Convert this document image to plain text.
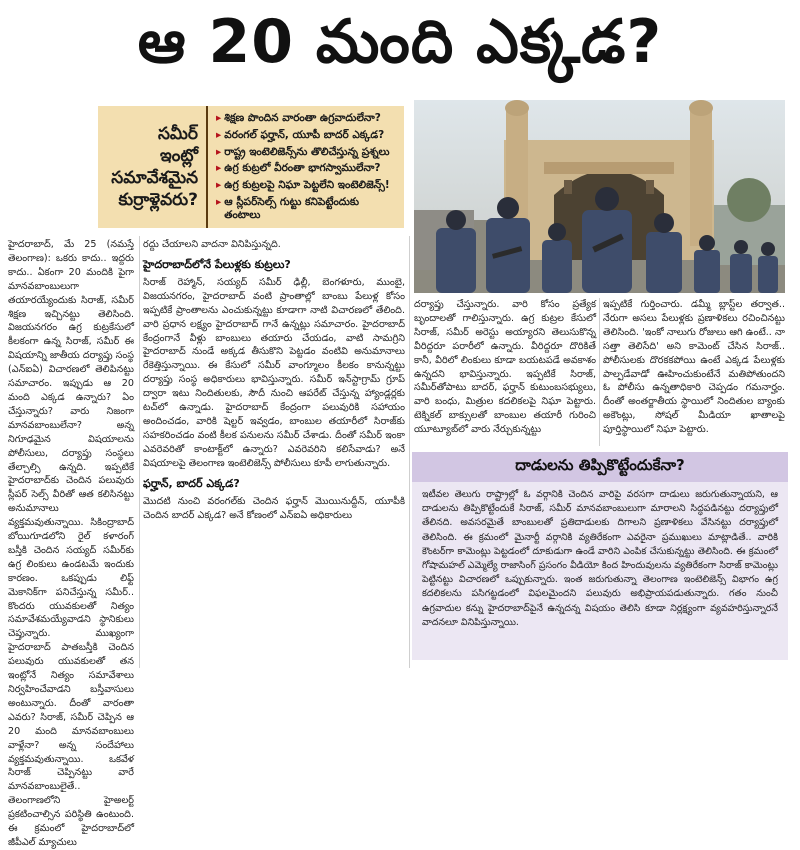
ఆ 20 మంది ఎక్కడ?
సమీర్
ఇంట్లో
సమావేశమైన
కుర్రాళ్లెవరు?
▸ శిక్షణ పొందిన వారంతా ఉగ్రవాదులేనా?
▸ వరంగల్ ఫర్హాన్, యూపీ బాదర్ ఎక్కడ?
▸ రాష్ట్ర ఇంటెలిజెన్స్‌ను తొలిచేస్తున్న ప్రశ్నలు
▸ ఉగ్ర కుట్రలో వీరంతా భాగస్వాములేనా?
▸ ఉగ్ర కుట్రలపై నిఘా పెట్టలేని ఇంటెలిజెన్స్!
▸ ఆ స్లీపర్‌సెల్స్ గుట్టు కనిపెట్టేందుకు తంటాలు

హైదరాబాద్, మే 25 (నమస్తే తెలంగాణ): ఒకరు కాదు.. ఇద్దరు కాదు.. ఏకంగా 20 మందికి పైగా మానవబాంబులుగా తయారయ్యేందుకు సిరాజ్, సమీర్ శిక్షణ ఇచ్చినట్టు తెలిసింది. విజయనగరం ఉగ్ర కుట్రకేసులో కీలకంగా ఉన్న సిరాజ్, సమీర్ ఈ విషయాన్ని జాతీయ దర్యాప్తు సంస్థ (ఎన్ఐఏ) విచారణలో తెలిపినట్టు సమాచారం. ఇప్పుడు ఆ 20 మంది ఎక్కడ ఉన్నారు? ఏం చేస్తున్నారు? వారు నిజంగా మానవబాంబులేనా? అన్న నిగూఢమైన విషయాలను పోలీసులు, దర్యాప్తు సంస్థలు తేల్చాల్సి ఉన్నది. ఇప్పటికే హైదరాబాద్‌కు చెందిన పలువురు స్లీపర్ సెల్స్ వీరితో ఆత కలిసినట్టు అనుమానాలు వ్యక్తమవుతున్నాయి. సికింద్రాబాద్ బోయిగూడలోని రైల్ కళారంగ్ బస్తీకి చెందిన సయ్యద్ సమీర్‌కు ఉగ్ర లింకులు ఉండటమే ఇందుకు కారణం. ఒకప్పుడు లిఫ్ట్ మెకానిక్‌గా పనిచేస్తున్న సమీర్.. కొందరు యువకులతో నిత్యం సమావేశమయ్యేవాడని స్థానికులు చెప్తున్నారు. ముఖ్యంగా హైదరాబాద్ పాతబస్తీకి చెందిన పలువురు యువకులతో తన ఇంట్లోనే నిత్యం సమావేశాలు నిర్వహించేవాడని బస్తీవాసులు అంటున్నారు. దీంతో వారంతా ఎవరు? సిరాజ్, సమీర్ చెప్పిన ఆ 20 మంది మానవబాంబులు వాళ్లేనా? అన్న సందేహాలు వ్యక్తమవుతున్నాయి. ఒకవేళ సిరాజ్ చెప్పినట్టు వారే మానవబాంబులైతే.. తెలంగాణలోని హైఅలర్ట్ ప్రకటించాల్సిన పరిస్థితి ఉంటుంది. ఈ క్రమంలో హైదరాబాద్‌లో జీపీఎల్ మ్యాచులు

రద్దు చేయాలని వాదనా వినిపిస్తున్నది.

హైదరాబాద్‌లోనే పేలుళ్లకు కుట్రలు?

సిరాజ్ రెహ్మాన్, సయ్యద్ సమీర్ ఢిల్లీ, బెంగళూరు, ముంబై, విజయనగరం, హైదరాబాద్ వంటి ప్రాంతాల్లో బాంబు పేలుళ్ల కోసం ఇప్పటికే ప్రాంతాలను ఎంచుకున్నట్టు కూడాగా నాటి విచారణలో తేలింది. వారి ప్రధాన లక్ష్యం హైదరాబాద్ గానే ఉన్నట్లు సమాచారం. హైదరాబాద్ కేంద్రంగానే వీళ్లు బాంబులు తయారు చేయడం, వాటి సామగ్రిని హైదరాబాద్ నుండే అక్కడ తీసుకొని పెట్టడం వంటివి అనుమానాలు రేకెత్తిస్తున్నాయి. ఈ కేసులో సమీర్ వాంగ్మూలం కీలకం కానున్నట్టు దర్యాప్తు సంస్థ అధికారులు భావిస్తున్నారు. సమీర్ ఇన్‌స్టాగ్రామ్ గ్రూప్ ద్వారా ఇటు నిందితులకు, సౌదీ నుంచి ఆపరేట్ చేస్తున్న హ్యాండ్లర్లకు టచ్‌లో ఉన్నాడు. హైదరాబాద్ కేంద్రంగా పలువురికి సహాయం అందించడం, వారికి షెల్టర్ ఇవ్వడం, బాంబుల తయారీలో సిరాజ్‌కు సహకరించడం వంటి కీలక పనులను సమీర్ చేశాడు. దీంతో సమీర్ ఇంకా ఎవరెవరితో కాంటాక్ట్‌లో ఉన్నారు? ఎవరెవరిని కలిసేవాడు? అనే విషయాలపై తెలంగాణ ఇంటెలిజెన్స్ పోలీసులు కూపీ లాగుతున్నారు.

ఫర్హాన్, బాదర్ ఎక్కడ?

మొదటి నుంచి వరంగల్‌కు చెందిన ఫర్హాన్ మొయినుద్దీన్, యూపీకి చెందిన బాదర్ ఎక్కడ? అనే కోణంలో ఎన్ఐఏ అధికారులు

దర్యాప్తు చేస్తున్నారు. వారి కోసం ప్రత్యేక బృందాలతో గాలిస్తున్నారు. ఉగ్ర కుట్రల కేసులో సిరాజ్, సమీర్ అరెస్టు అయ్యారని తెలుసుకొన్న వీరిద్దరూ పరారీలో ఉన్నారు. వీరిద్దరూ దొరికితే కానీ, వీరిలో లింకులు కూడా బయటపడే అవకాశం ఉన్నదని భావిస్తున్నారు. ఇప్పటికే సిరాజ్, సమీర్‌తోపాటు బాదర్, ఫర్హాన్ కుటుంబసభ్యులు, వారి బంధు, మిత్రుల కదలికలపై నిఘా పెట్టారు. టెక్నికల్ బాక్సులతో బాంబుల తయారీ గురించి యూట్యూబ్‌లో వారు నేర్చుకున్నట్టు

ఇప్పటికే గుర్తించారు. డమ్మీ బ్లాస్ట్‌ల తర్వాత.. నేరుగా అసలు పేలుళ్లకు ప్రణాళికలు రచించినట్టు తెలిసింది. 'ఇంకో నాలుగు రోజులు ఆగి ఉంటే.. నా సత్తా తెలిసేది' అని కామెంట్ చేసిన సిరాజ్.. పోలీసులకు దొరకకపోయి ఉంటే ఎక్కడ పేలుళ్లకు పాల్పడేవాడో ఊహించుకుంటేనే మతిపోతుందని ఓ పోలీసు ఉన్నతాధికారి చెప్పడం గమనార్హం. దీంతో అంతర్జాతీయ స్థాయిలో నిందితుల బ్యాంకు అకౌంట్లు, సోషల్ మీడియా ఖాతాలపై పూర్తిస్థాయిలో నిఘా పెట్టారు.

దాడులను తిప్పికొట్టేందుకేనా?
ఇటీవల తెలుగు రాష్ట్రాల్లో ఓ వర్గానికి చెందిన వారిపై వరసగా దాడులు జరుగుతున్నాయని, ఆ దాడులను తిప్పికొట్టేందుకే సిరాజ్, సమీర్ మానవబాంబులుగా మారాలని సిద్ధపడినట్టు దర్యాప్తులో తేలినది. అవసరమైతే బాంబులతో ప్రతిదాడులకు దిగాలని ప్రణాళికలు వేసినట్టు దర్యాప్తులో తెలిసింది. ఈ క్రమంలో మైనార్టీ వర్గానికి వ్యతిరేకంగా ఎవరైనా ప్రముఖులు మాట్లాడితే.. వారికి కౌంటర్‌గా కామెంట్లు పెట్టడంలో దూకుడుగా ఉండే వారిని ఎంపిక చేసుకున్నట్టు తెలిసింది. ఈ క్రమంలో గోషామహల్ ఎమ్మెల్యే రాజాసింగ్ ప్రసంగం వీడియో కింద హిందువులను వ్యతిరేకంగా సిరాజ్ కామెంట్లు పెట్టినట్టు విచారణలో ఒప్పుకున్నారు. ఇంత జరుగుతున్నా తెలంగాణ ఇంటెలిజెన్స్ విభాగం ఉగ్ర కదలికలను పసిగట్టడంలో విఫలమైందని పలువురు అభిప్రాయపడుతున్నారు. గతం నుంచీ ఉగ్రవాదుల కన్ను హైదరాబాద్‌పైనే ఉన్నదన్న విషయం తెలిసి కూడా నిర్లక్ష్యంగా వ్యవహరిస్తున్నారనే వాదనలూ వినిపిస్తున్నాయి.
